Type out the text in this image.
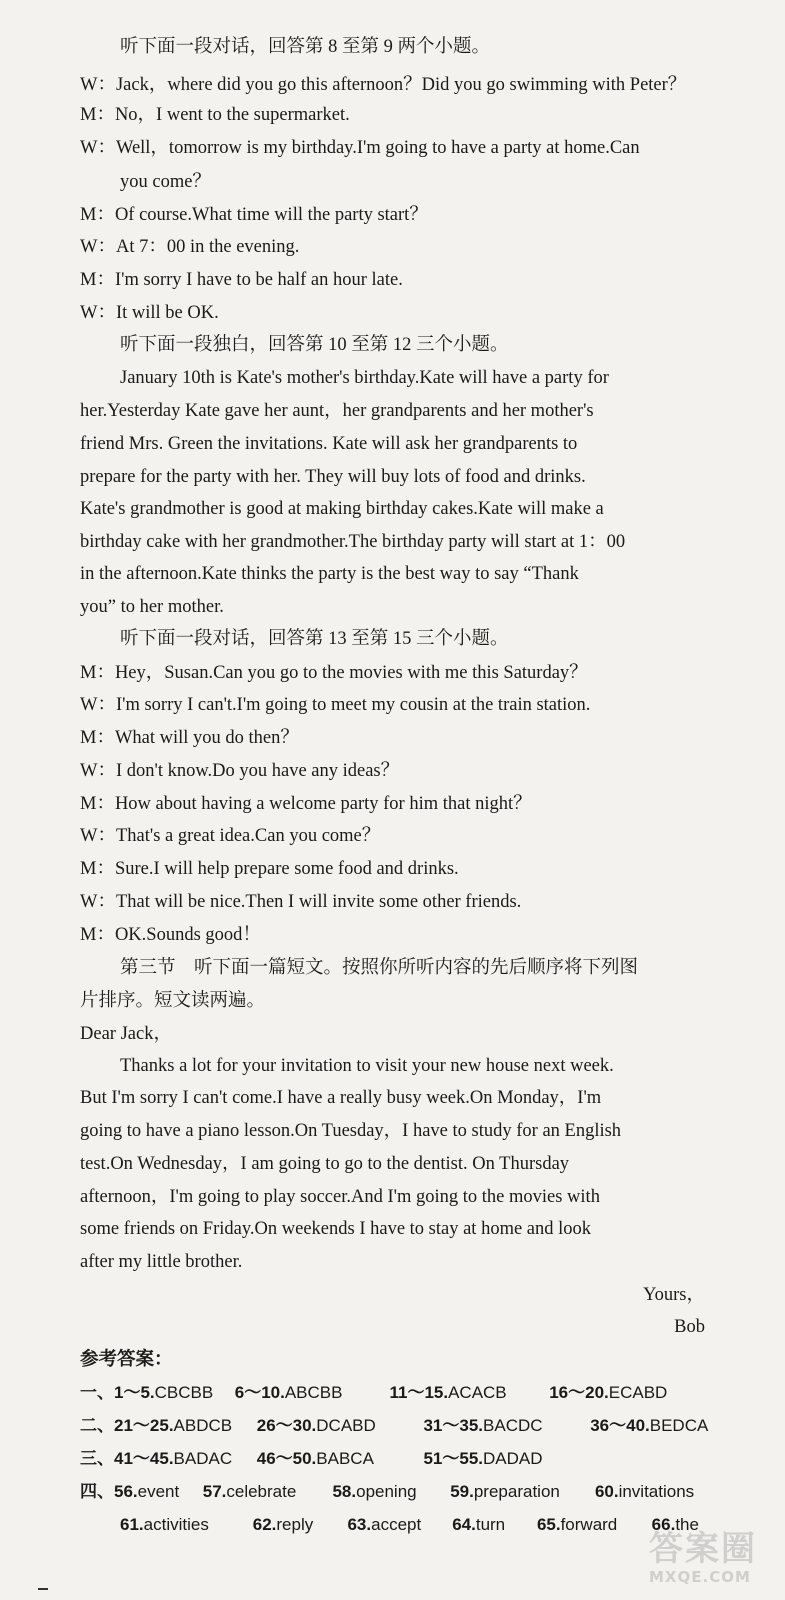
听下面一段对话，回答第 8 至第 9 两个小题。
W：Jack，where did you go this afternoon？Did you go swimming with Peter？
M：No，I went to the supermarket.
W：Well，tomorrow is my birthday.I'm going to have a party at home.Can
you come？
M：Of course.What time will the party start？
W：At 7：00 in the evening.
M：I'm sorry I have to be half an hour late.
W：It will be OK.
听下面一段独白，回答第 10 至第 12 三个小题。
January 10th is Kate's mother's birthday.Kate will have a party for
her.Yesterday Kate gave her aunt，her grandparents and her mother's
friend Mrs. Green the invitations. Kate will ask her grandparents to
prepare for the party with her. They will buy lots of food and drinks.
Kate's grandmother is good at making birthday cakes.Kate will make a
birthday cake with her grandmother.The birthday party will start at 1：00
in the afternoon.Kate thinks the party is the best way to say “Thank
you” to her mother.
听下面一段对话，回答第 13 至第 15 三个小题。
M：Hey，Susan.Can you go to the movies with me this Saturday？
W：I'm sorry I can't.I'm going to meet my cousin at the train station.
M：What will you do then？
W：I don't know.Do you have any ideas？
M：How about having a welcome party for him that night？
W：That's a great idea.Can you come？
M：Sure.I will help prepare some food and drinks.
W：That will be nice.Then I will invite some other friends.
M：OK.Sounds good！
第三节　听下面一篇短文。按照你所听内容的先后顺序将下列图
片排序。短文读两遍。
Dear Jack，
Thanks a lot for your invitation to visit your new house next week.
But I'm sorry I can't come.I have a really busy week.On Monday，I'm
going to have a piano lesson.On Tuesday，I have to study for an English
test.On Wednesday，I am going to go to the dentist. On Thursday
afternoon，I'm going to play soccer.And I'm going to the movies with
some friends on Friday.On weekends I have to stay at home and look
after my little brother.
Yours，
Bob
参考答案：
一、1～5.CBCBB 6～10.ABCBB	11～15.ACACB	16～20.ECABD
二、21～25.ABDCB 26～30.DCABD	31～35.BACDC	36～40.BEDCA
三、41～45.BADAC 46～50.BABCA	51～55.DADAD
四、56.event 57.celebrate 58.opening 59.preparation 60.invitations
61.activities	62.reply 63.accept 64.turn 65.forward 66.the
答案圈
MXQE.COM
